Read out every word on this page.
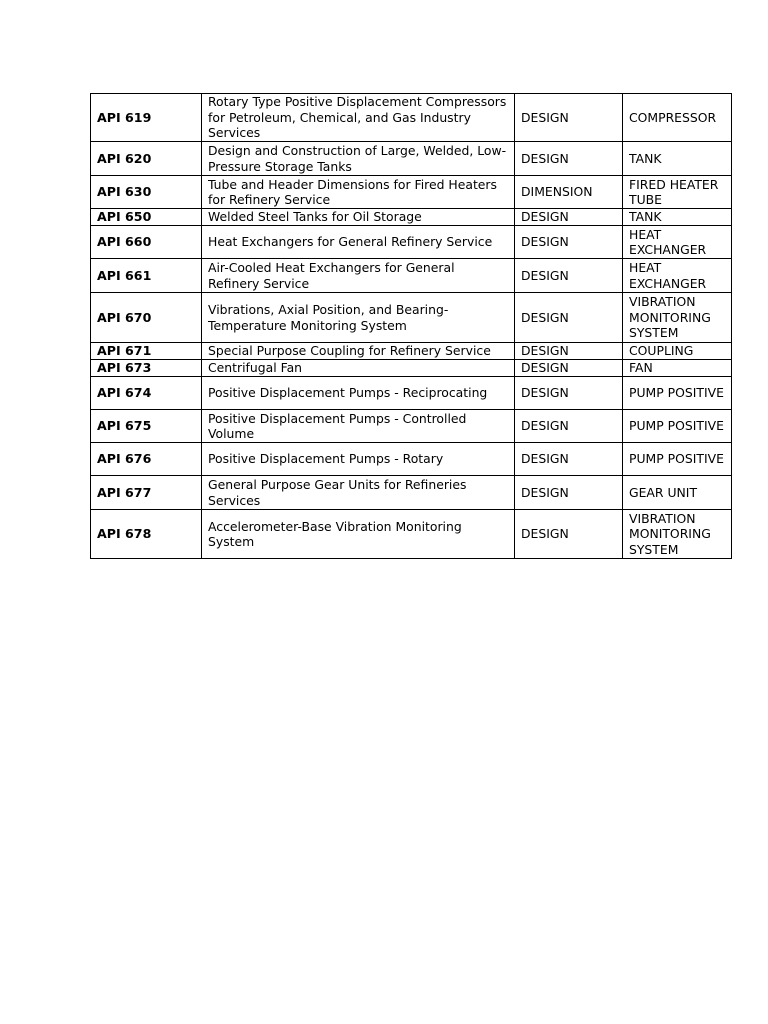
API 619	Rotary Type Positive Displacement Compressors for Petroleum, Chemical, and Gas Industry Services	DESIGN	COMPRESSOR
API 620	Design and Construction of Large, Welded, Low-Pressure Storage Tanks	DESIGN	TANK
API 630	Tube and Header Dimensions for Fired Heaters for Refinery Service	DIMENSION	FIRED HEATER TUBE
API 650	Welded Steel Tanks for Oil Storage	DESIGN	TANK
API 660	Heat Exchangers for General Refinery Service	DESIGN	HEAT EXCHANGER
API 661	Air-Cooled Heat Exchangers for General Refinery Service	DESIGN	HEAT EXCHANGER
API 670	Vibrations, Axial Position, and Bearing-Temperature Monitoring System	DESIGN	VIBRATION MONITORING SYSTEM
API 671	Special Purpose Coupling for Refinery Service	DESIGN	COUPLING
API 673	Centrifugal Fan	DESIGN	FAN
API 674	Positive Displacement Pumps - Reciprocating	DESIGN	PUMP POSITIVE
API 675	Positive Displacement Pumps - Controlled Volume	DESIGN	PUMP POSITIVE
API 676	Positive Displacement Pumps - Rotary	DESIGN	PUMP POSITIVE
API 677	General Purpose Gear Units for Refineries Services	DESIGN	GEAR UNIT
API 678	Accelerometer-Base Vibration Monitoring System	DESIGN	VIBRATION MONITORING SYSTEM
